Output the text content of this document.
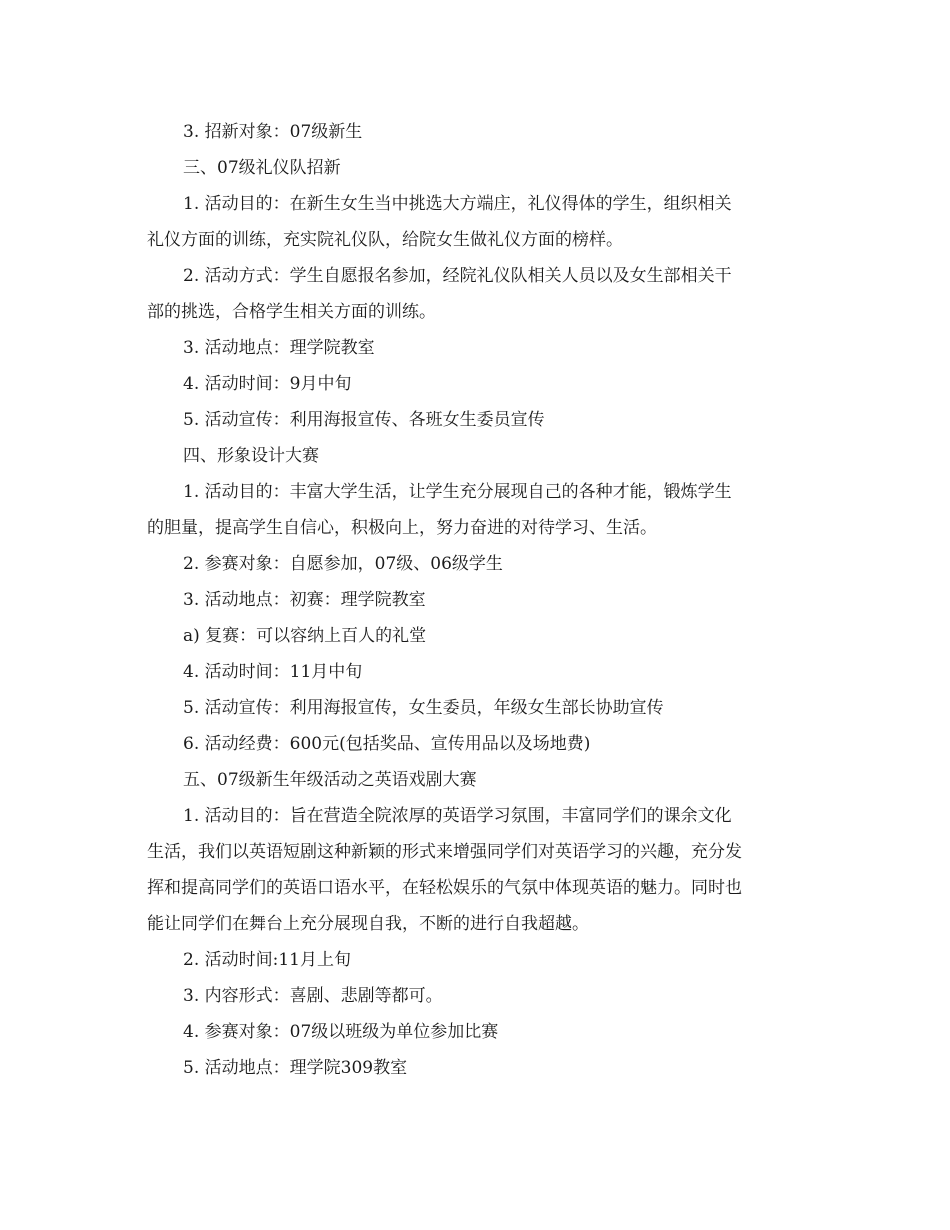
3. 招新对象：07级新生
三、07级礼仪队招新
1. 活动目的：在新生女生当中挑选大方端庄，礼仪得体的学生，组织相关
礼仪方面的训练，充实院礼仪队，给院女生做礼仪方面的榜样。
2. 活动方式：学生自愿报名参加，经院礼仪队相关人员以及女生部相关干
部的挑选，合格学生相关方面的训练。
3. 活动地点：理学院教室
4. 活动时间：9月中旬
5. 活动宣传：利用海报宣传、各班女生委员宣传
四、形象设计大赛
1. 活动目的：丰富大学生活，让学生充分展现自己的各种才能，锻炼学生
的胆量，提高学生自信心，积极向上，努力奋进的对待学习、生活。
2. 参赛对象：自愿参加，07级、06级学生
3. 活动地点：初赛：理学院教室
a) 复赛：可以容纳上百人的礼堂
4. 活动时间：11月中旬
5. 活动宣传：利用海报宣传，女生委员，年级女生部长协助宣传
6. 活动经费：600元(包括奖品、宣传用品以及场地费)
五、07级新生年级活动之英语戏剧大赛
1. 活动目的：旨在营造全院浓厚的英语学习氛围，丰富同学们的课余文化
生活，我们以英语短剧这种新颖的形式来增强同学们对英语学习的兴趣，充分发
挥和提高同学们的英语口语水平，在轻松娱乐的气氛中体现英语的魅力。同时也
能让同学们在舞台上充分展现自我，不断的进行自我超越。
2. 活动时间:11月上旬
3. 内容形式：喜剧、悲剧等都可。
4. 参赛对象：07级以班级为单位参加比赛
5. 活动地点：理学院309教室
